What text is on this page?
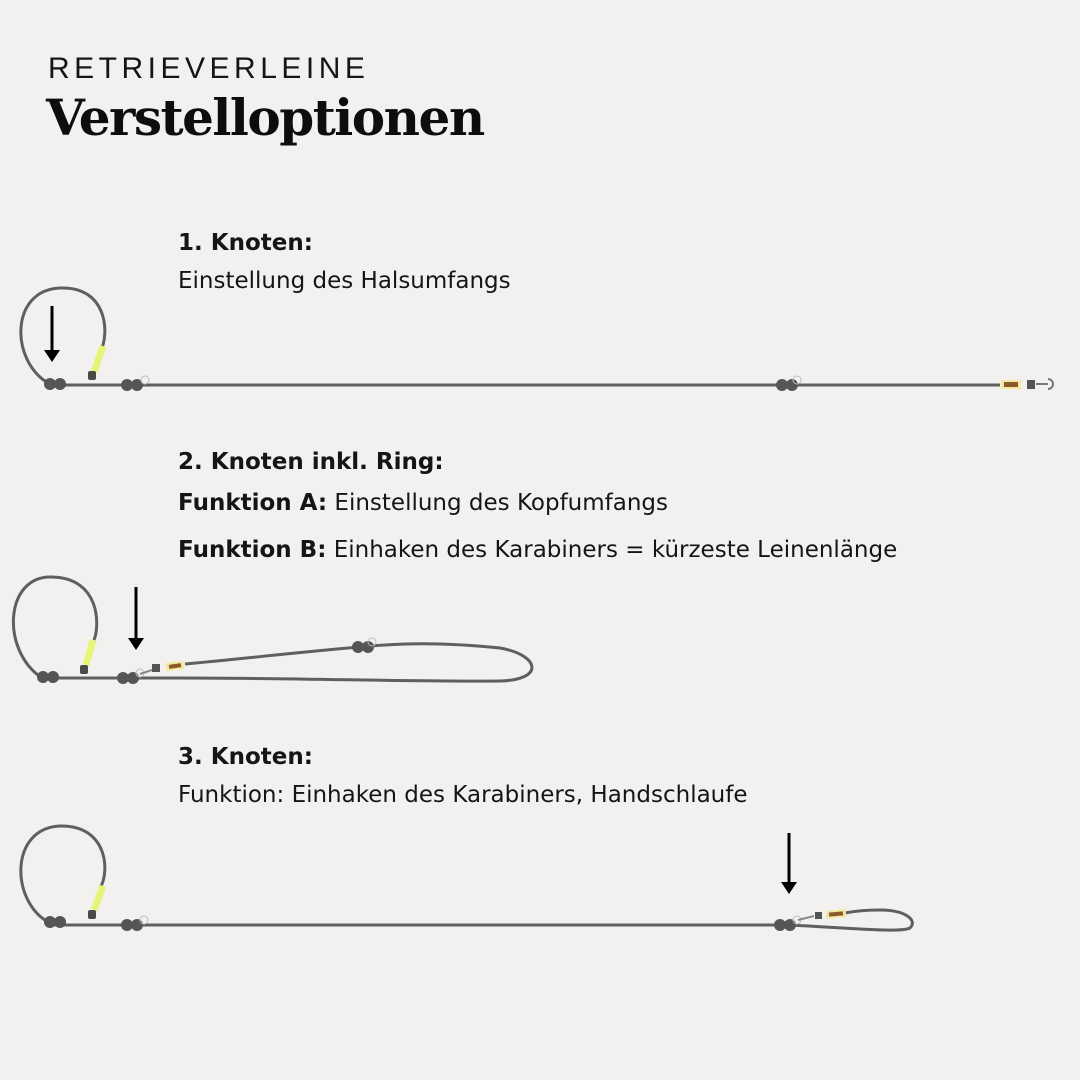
RETRIEVERLEINE
Verstelloptionen
1. Knoten:
Einstellung des Halsumfangs
2. Knoten inkl. Ring:
Funktion A: Einstellung des Kopfumfangs
Funktion B: Einhaken des Karabiners = kürzeste Leinenlänge
3. Knoten:
Funktion: Einhaken des Karabiners, Handschlaufe
